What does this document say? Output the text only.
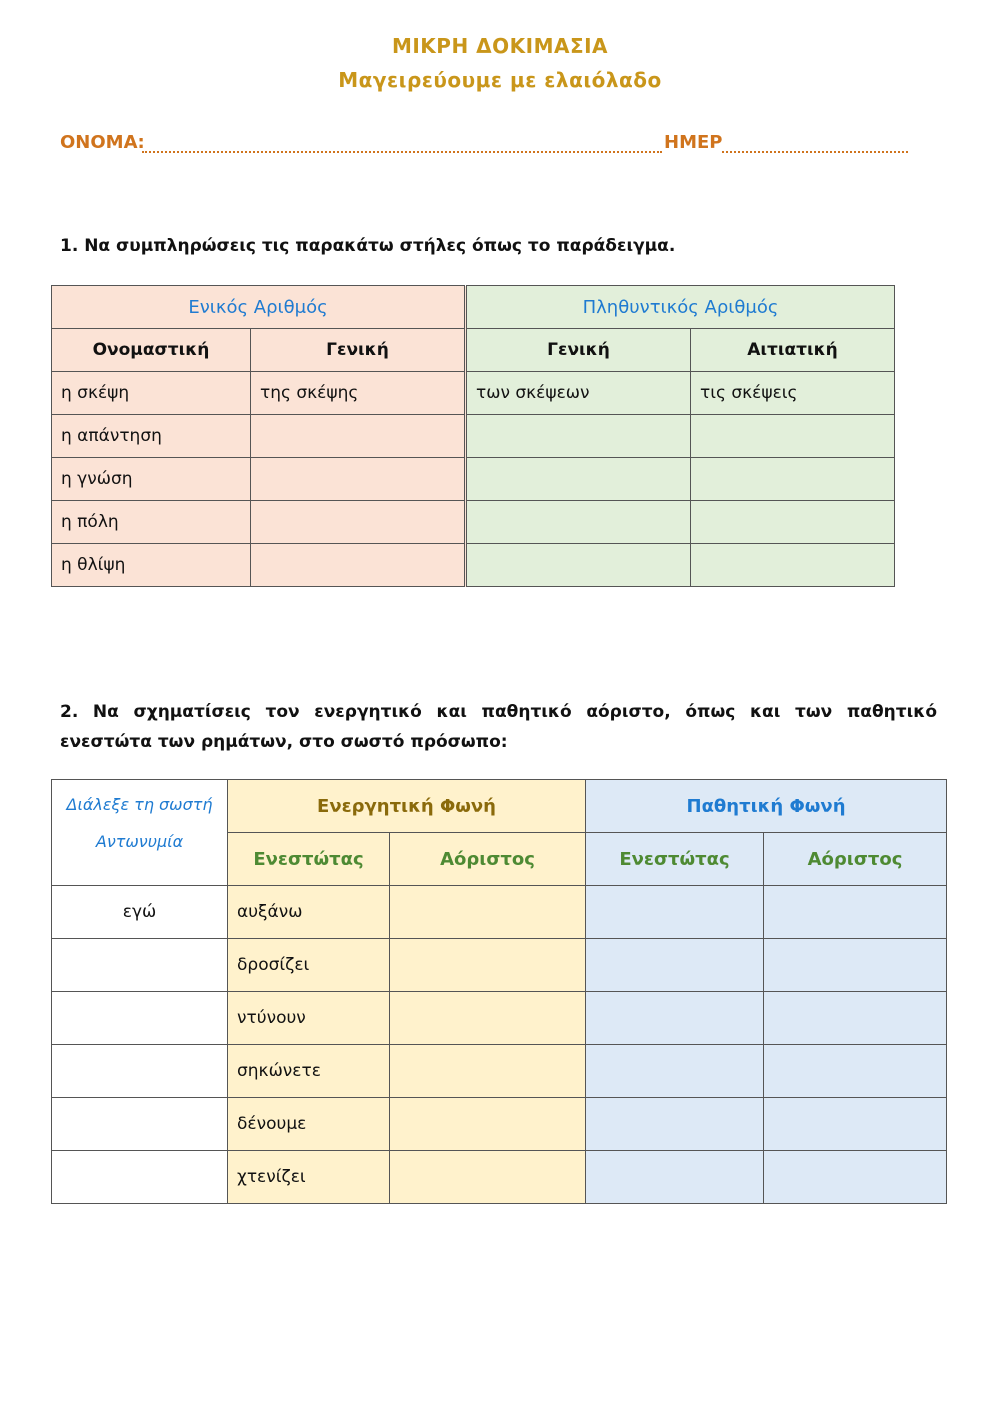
ΜΙΚΡΗ ΔΟΚΙΜΑΣΙΑ
Μαγειρεύουμε με ελαιόλαδο
ΟΝΟΜΑ:	ΗΜΕΡ
1. Να συμπληρώσεις τις παρακάτω στήλες όπως το παράδειγμα.
Ενικός Αριθμός		Πληθυντικός Αριθμός	
Ονομαστική	Γενική	Γενική	Αιτιατική
η σκέψη	της σκέψης	των σκέψεων	τις σκέψεις
η απάντηση			
η γνώση			
η πόλη			
η θλίψη			
2. Να σχηματίσεις τον ενεργητικό και παθητικό αόριστο, όπως και των παθητικό ενεστώτα των ρημάτων, στο σωστό πρόσωπο:
Διάλεξε τη σωστή
Αντωνυμία	Ενεργητική Φωνή		Παθητική Φωνή	
	Ενεστώτας	Αόριστος	Ενεστώτας	Αόριστος
εγώ	αυξάνω			
	δροσίζει			
	ντύνουν			
	σηκώνετε			
	δένουμε			
	χτενίζει			
